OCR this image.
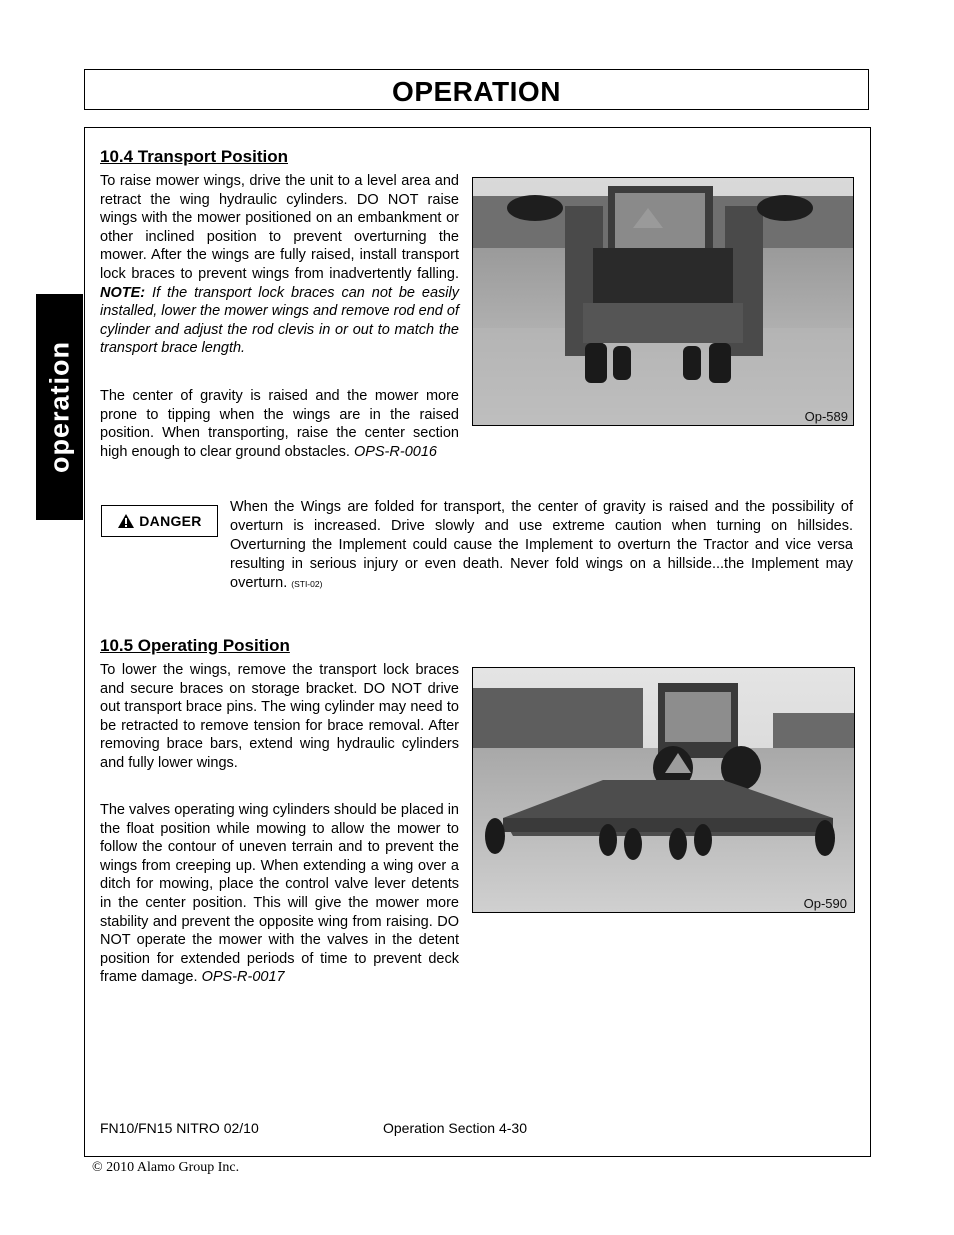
OPERATION
operation
10.4 Transport Position

To raise mower wings, drive the unit to a level area and retract the wing hydraulic cylinders. DO NOT raise wings with the mower positioned on an embankment or other inclined position to prevent overturning the mower. After the wings are fully raised, install transport lock braces to prevent wings from inadvertently falling. NOTE: If the transport lock braces can not be easily installed, lower the mower wings and remove rod end of cylinder and adjust the rod clevis in or out to match the transport brace length.

The center of gravity is raised and the mower more prone to tipping when the wings are in the raised position. When transporting, raise the center section high enough to clear ground obstacles. OPS-R-0016

Op-589
DANGER

When the Wings are folded for transport, the center of gravity is raised and the possibility of overturn is increased. Drive slowly and use extreme caution when turning on hillsides. Overturning the Implement could cause the Implement to overturn the Tractor and vice versa resulting in serious injury or even death. Never fold wings on a hillside...the Implement may overturn. (STI-02)

10.5 Operating Position

To lower the wings, remove the transport lock braces and secure braces on storage bracket. DO NOT drive out transport brace pins. The wing cylinder may need to be retracted to remove tension for brace removal. After removing brace bars, extend wing hydraulic cylinders and fully lower wings.

The valves operating wing cylinders should be placed in the float position while mowing to allow the mower to follow the contour of uneven terrain and to prevent the wings from creeping up. When extending a wing over a ditch for mowing, place the control valve lever detents in the center position. This will give the mower more stability and prevent the opposite wing from raising. DO NOT operate the mower with the valves in the detent position for extended periods of time to prevent deck frame damage. OPS-R-0017

Op-590
FN10/FN15 NITRO 02/10	Operation Section 4-30
© 2010 Alamo Group Inc.
